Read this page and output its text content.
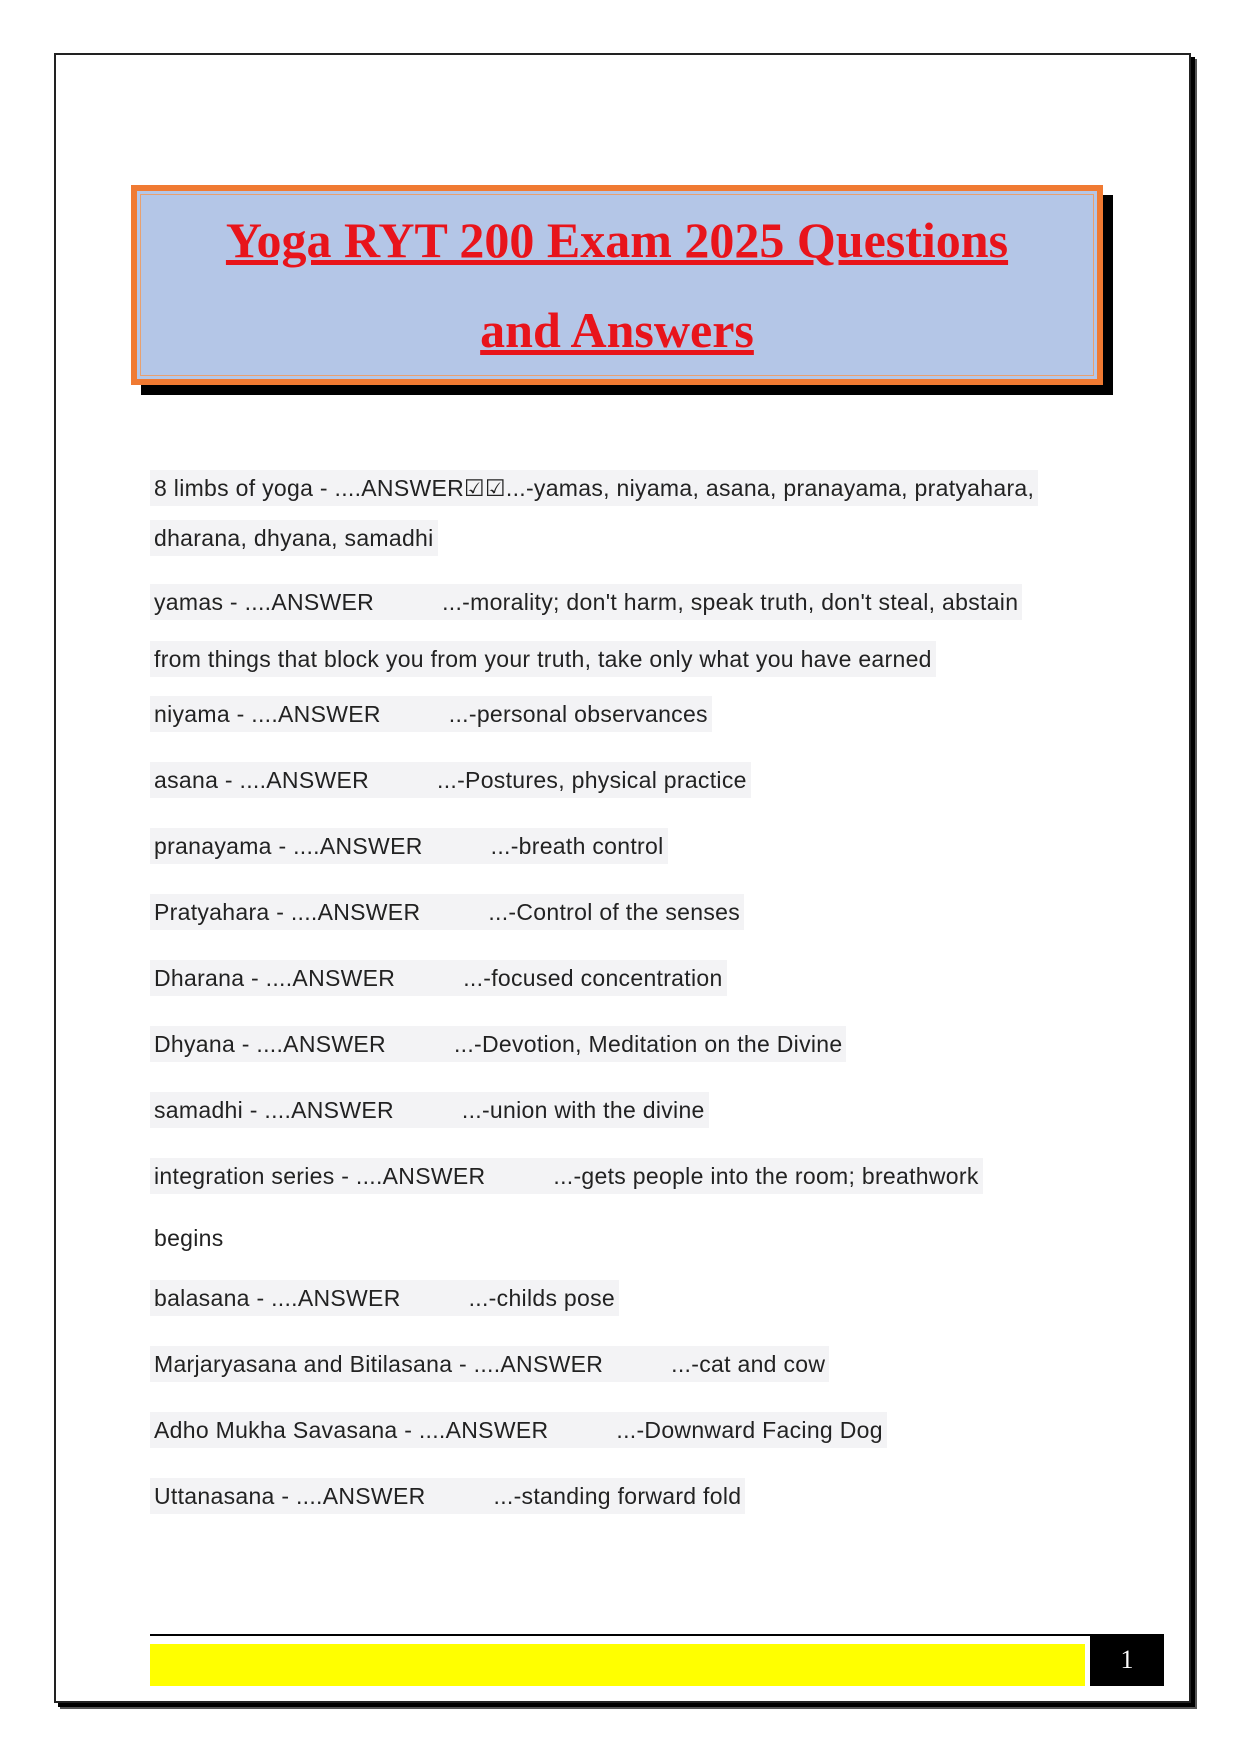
Yoga RYT 200 Exam 2025 Questions
and Answers
8 limbs of yoga - ....ANSWER☑☑...-yamas, niyama, asana, pranayama, pratyahara,
dharana, dhyana, samadhi
yamas - ....ANSWER	...-morality; don't harm, speak truth, don't steal, abstain
from things that block you from your truth, take only what you have earned
niyama - ....ANSWER	...-personal observances
asana - ....ANSWER	...-Postures, physical practice
pranayama - ....ANSWER	...-breath control
Pratyahara - ....ANSWER	...-Control of the senses
Dharana - ....ANSWER	...-focused concentration
Dhyana - ....ANSWER	...-Devotion, Meditation on the Divine
samadhi - ....ANSWER	...-union with the divine
integration series - ....ANSWER	...-gets people into the room; breathwork
begins
balasana - ....ANSWER	...-childs pose
Marjaryasana and Bitilasana - ....ANSWER	...-cat and cow
Adho Mukha Savasana - ....ANSWER	...-Downward Facing Dog
Uttanasana - ....ANSWER	...-standing forward fold
1
